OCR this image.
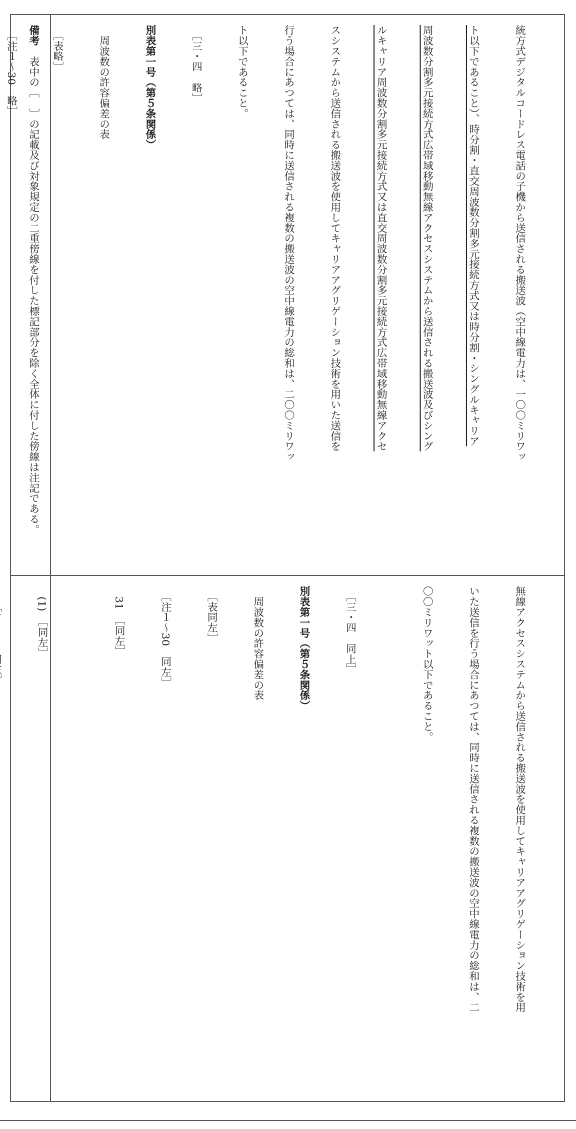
備考　表中の［　］の記載及び対象規定の二重傍線を付した標記部分を除く全体に付した傍線は注記である。

	統方式デジタルコードレス電話の子機から送信される搬送波（空中線電力は、一〇〇ミリワッ

ト以下であること）、時分割・直交周波数分割多元接続方式又は時分割・シングルキャリア

周波数分割多元接続方式広帯域移動無線アクセスシステムから送信される搬送波及びシング

ルキャリア周波数分割多元接続方式又は直交周波数分割多元接続方式広帯域移動無線アクセ

スシステムから送信される搬送波を使用してキャリアアグリゲーション技術を用いた送信を

行う場合にあつては、同時に送信される複数の搬送波の空中線電力の総和は、二〇〇ミリワッ

ト以下であること。

　［三・四　略］

別表第一号（第５条関係）

　周波数の許容偏差の表

　［表略］

　［注１～30　略］

無線アクセスシステムから送信される搬送波を使用してキャリアアグリゲーション技術を用

いた送信を行う場合にあつては、同時に送信される複数の搬送波の空中線電力の総和は、二

〇〇ミリワット以下であること。

　［三・四　同上］

別表第一号（第５条関係）

　周波数の許容偏差の表

　［表同左］

　［注１～30　同左］

　31　［同左］

　(1)　［同左］
